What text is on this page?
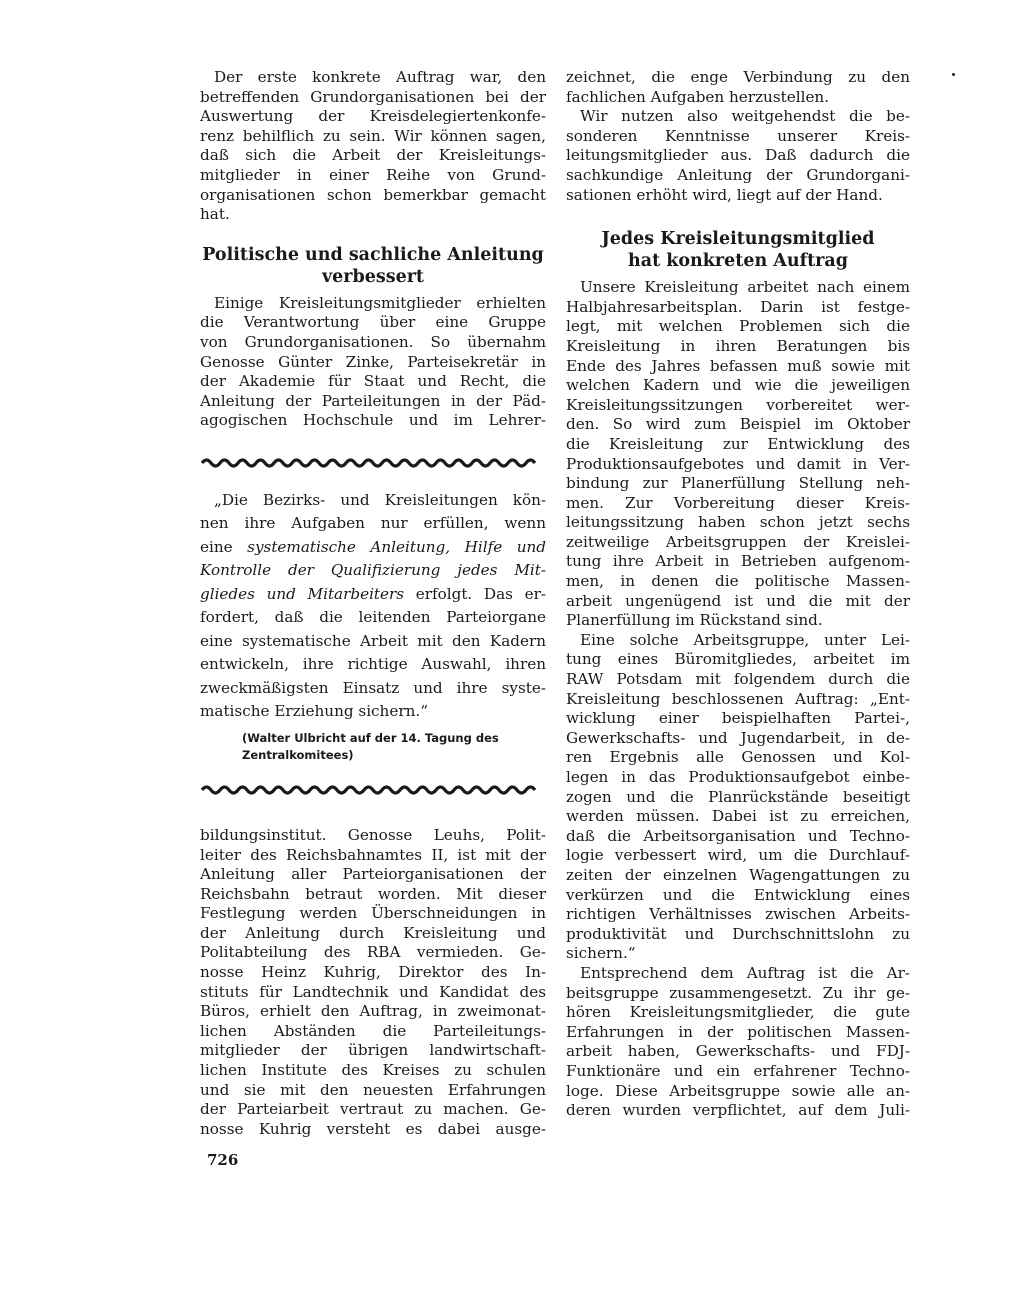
Der erste konkrete Auftrag war, den
betreffenden Grundorganisationen bei der
Auswertung der Kreisdelegiertenkonfe-
renz behilflich zu sein. Wir können sagen,
daß sich die Arbeit der Kreisleitungs-
mitglieder in einer Reihe von Grund-
organisationen schon bemerkbar gemacht
hat.
Politische und sachliche Anleitung
verbessert
Einige Kreisleitungsmitglieder erhielten
die Verantwortung über eine Gruppe
von Grundorganisationen. So übernahm
Genosse Günter Zinke, Parteisekretär in
der Akademie für Staat und Recht, die
Anleitung der Parteileitungen in der Päd-
agogischen Hochschule und im Lehrer-
„Die Bezirks- und Kreisleitungen kön-
nen ihre Aufgaben nur erfüllen, wenn
eine systematische Anleitung, Hilfe und
Kontrolle der Qualifizierung jedes Mit-
gliedes und Mitarbeiters erfolgt. Das er-
fordert, daß die leitenden Parteiorgane
eine systematische Arbeit mit den Kadern
entwickeln, ihre richtige Auswahl, ihren
zweckmäßigsten Einsatz und ihre syste-
matische Erziehung sichern.“
(Walter Ulbricht auf der 14. Tagung des
Zentralkomitees)
bildungsinstitut. Genosse Leuhs, Polit-
leiter des Reichsbahnamtes II, ist mit der
Anleitung aller Parteiorganisationen der
Reichsbahn betraut worden. Mit dieser
Festlegung werden Überschneidungen in
der Anleitung durch Kreisleitung und
Politabteilung des RBA vermieden. Ge-
nosse Heinz Kuhrig, Direktor des In-
stituts für Landtechnik und Kandidat des
Büros, erhielt den Auftrag, in zweimonat-
lichen Abständen die Parteileitungs-
mitglieder der übrigen landwirtschaft-
lichen Institute des Kreises zu schulen
und sie mit den neuesten Erfahrungen
der Parteiarbeit vertraut zu machen. Ge-
nosse Kuhrig versteht es dabei ausge-
zeichnet, die enge Verbindung zu den
fachlichen Aufgaben herzustellen.
Wir nutzen also weitgehendst die be-
sonderen Kenntnisse unserer Kreis-
leitungsmitglieder aus. Daß dadurch die
sachkundige Anleitung der Grundorgani-
sationen erhöht wird, liegt auf der Hand.
Jedes Kreisleitungsmitglied
hat konkreten Auftrag
Unsere Kreisleitung arbeitet nach einem
Halbjahresarbeitsplan. Darin ist festge-
legt, mit welchen Problemen sich die
Kreisleitung in ihren Beratungen bis
Ende des Jahres befassen muß sowie mit
welchen Kadern und wie die jeweiligen
Kreisleitungssitzungen vorbereitet wer-
den. So wird zum Beispiel im Oktober
die Kreisleitung zur Entwicklung des
Produktionsaufgebotes und damit in Ver-
bindung zur Planerfüllung Stellung neh-
men. Zur Vorbereitung dieser Kreis-
leitungssitzung haben schon jetzt sechs
zeitweilige Arbeitsgruppen der Kreislei-
tung ihre Arbeit in Betrieben aufgenom-
men, in denen die politische Massen-
arbeit ungenügend ist und die mit der
Planerfüllung im Rückstand sind.
Eine solche Arbeitsgruppe, unter Lei-
tung eines Büromitgliedes, arbeitet im
RAW Potsdam mit folgendem durch die
Kreisleitung beschlossenen Auftrag: „Ent-
wicklung einer beispielhaften Partei-,
Gewerkschafts- und Jugendarbeit, in de-
ren Ergebnis alle Genossen und Kol-
legen in das Produktionsaufgebot einbe-
zogen und die Planrückstände beseitigt
werden müssen. Dabei ist zu erreichen,
daß die Arbeitsorganisation und Techno-
logie verbessert wird, um die Durchlauf-
zeiten der einzelnen Wagengattungen zu
verkürzen und die Entwicklung eines
richtigen Verhältnisses zwischen Arbeits-
produktivität und Durchschnittslohn zu
sichern.“
Entsprechend dem Auftrag ist die Ar-
beitsgruppe zusammengesetzt. Zu ihr ge-
hören Kreisleitungsmitglieder, die gute
Erfahrungen in der politischen Massen-
arbeit haben, Gewerkschafts- und FDJ-
Funktionäre und ein erfahrener Techno-
loge. Diese Arbeitsgruppe sowie alle an-
deren wurden verpflichtet, auf dem Juli-
726
